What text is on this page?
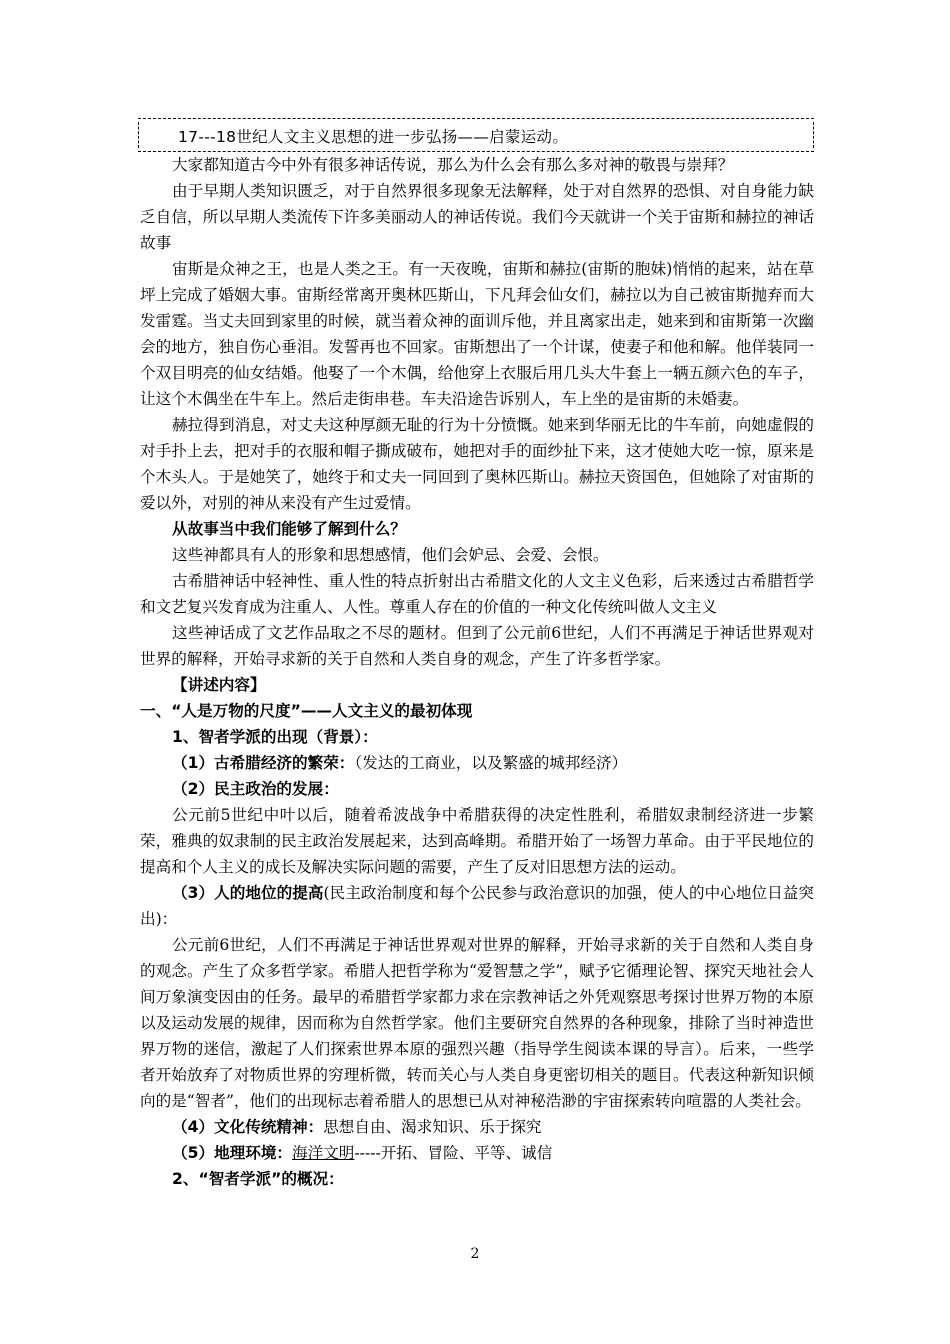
17---18世纪人文主义思想的进一步弘扬——启蒙运动。

大家都知道古今中外有很多神话传说，那么为什么会有那么多对神的敬畏与崇拜？

由于早期人类知识匮乏，对于自然界很多现象无法解释，处于对自然界的恐惧、对自身能力缺乏自信，所以早期人类流传下许多美丽动人的神话传说。我们今天就讲一个关于宙斯和赫拉的神话故事

宙斯是众神之王，也是人类之王。有一天夜晚，宙斯和赫拉(宙斯的胞妹)悄悄的起来，站在草坪上完成了婚姻大事。宙斯经常离开奥林匹斯山，下凡拜会仙女们，赫拉以为自己被宙斯抛弃而大发雷霆。当丈夫回到家里的时候，就当着众神的面训斥他，并且离家出走，她来到和宙斯第一次幽会的地方，独自伤心垂泪。发誓再也不回家。宙斯想出了一个计谋，使妻子和他和解。他佯装同一个双目明亮的仙女结婚。他娶了一个木偶，给他穿上衣服后用几头大牛套上一辆五颜六色的车子，让这个木偶坐在牛车上。然后走街串巷。车夫沿途告诉别人，车上坐的是宙斯的未婚妻。

赫拉得到消息，对丈夫这种厚颜无耻的行为十分愤慨。她来到华丽无比的牛车前，向她虚假的对手扑上去，把对手的衣服和帽子撕成破布，她把对手的面纱扯下来，这才使她大吃一惊，原来是个木头人。于是她笑了，她终于和丈夫一同回到了奥林匹斯山。赫拉天资国色，但她除了对宙斯的爱以外，对别的神从来没有产生过爱情。

从故事当中我们能够了解到什么？

这些神都具有人的形象和思想感情，他们会妒忌、会爱、会恨。

古希腊神话中轻神性、重人性的特点折射出古希腊文化的人文主义色彩，后来透过古希腊哲学和文艺复兴发育成为注重人、人性。尊重人存在的价值的一种文化传统叫做人文主义

这些神话成了文艺作品取之不尽的题材。但到了公元前6世纪，人们不再满足于神话世界观对世界的解释，开始寻求新的关于自然和人类自身的观念，产生了许多哲学家。

【讲述内容】

一、“人是万物的尺度”——人文主义的最初体现

1、智者学派的出现（背景）：

（1）古希腊经济的繁荣：（发达的工商业，以及繁盛的城邦经济）

（2）民主政治的发展：

公元前5世纪中叶以后，随着希波战争中希腊获得的决定性胜利，希腊奴隶制经济进一步繁荣，雅典的奴隶制的民主政治发展起来，达到高峰期。希腊开始了一场智力革命。由于平民地位的提高和个人主义的成长及解决实际问题的需要，产生了反对旧思想方法的运动。

（3）人的地位的提高(民主政治制度和每个公民参与政治意识的加强，使人的中心地位日益突出)：

公元前6世纪，人们不再满足于神话世界观对世界的解释，开始寻求新的关于自然和人类自身的观念。产生了众多哲学家。希腊人把哲学称为“爱智慧之学”，赋予它循理论智、探究天地社会人间万象演变因由的任务。最早的希腊哲学家都力求在宗教神话之外凭观察思考探讨世界万物的本原以及运动发展的规律，因而称为自然哲学家。他们主要研究自然界的各种现象，排除了当时神造世界万物的迷信，激起了人们探索世界本原的强烈兴趣（指导学生阅读本课的导言）。后来，一些学者开始放弃了对物质世界的穷理析微，转而关心与人类自身更密切相关的题目。代表这种新知识倾向的是“智者”，他们的出现标志着希腊人的思想已从对神秘浩渺的宇宙探索转向喧嚣的人类社会。

（4）文化传统精神：思想自由、渴求知识、乐于探究

（5）地理环境：海洋文明-----开拓、冒险、平等、诚信

2、“智者学派”的概况：

2
